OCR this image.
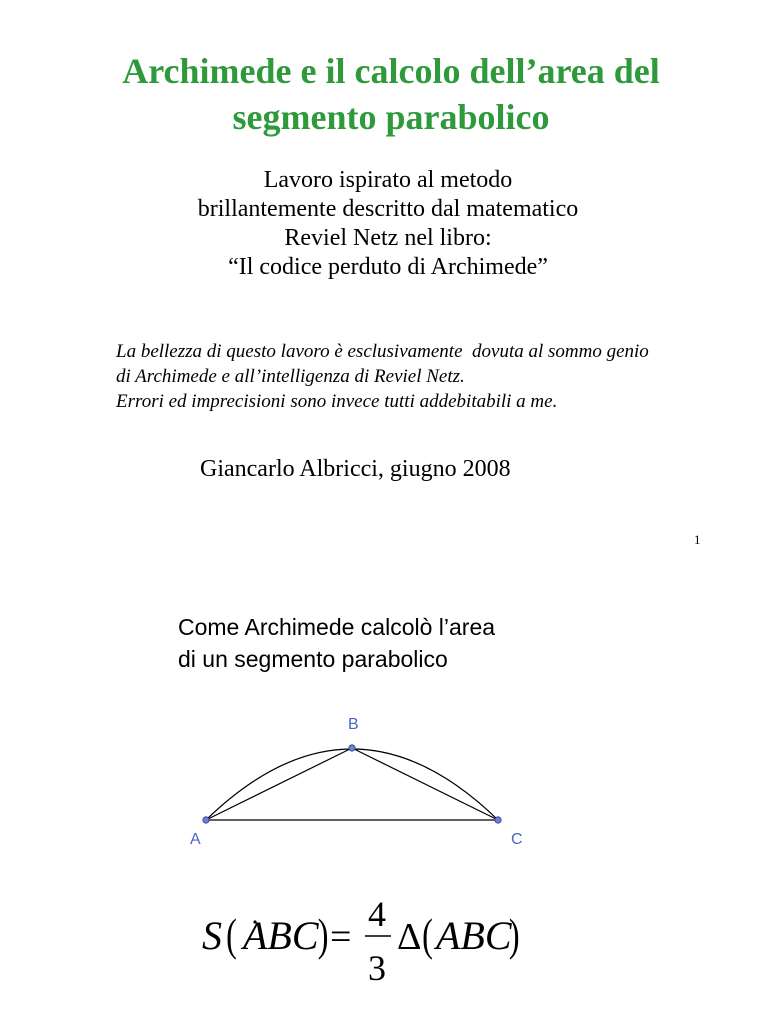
Archimede e il calcolo dell’area del
segmento parabolico
Lavoro ispirato al metodo
brillantemente descritto dal matematico
Reviel Netz nel libro:
“Il codice perduto di Archimede”
La bellezza di questo lavoro è esclusivamente  dovuta al sommo genio
di Archimede e all’intelligenza di Reviel Netz.
Errori ed imprecisioni sono invece tutti addebitabili a me.
Giancarlo Albricci, giugno 2008
1
Come Archimede calcolò l’area
di un segmento parabolico
A
B
C
S ( ABC ) =
4
3
Δ ( ABC
)
